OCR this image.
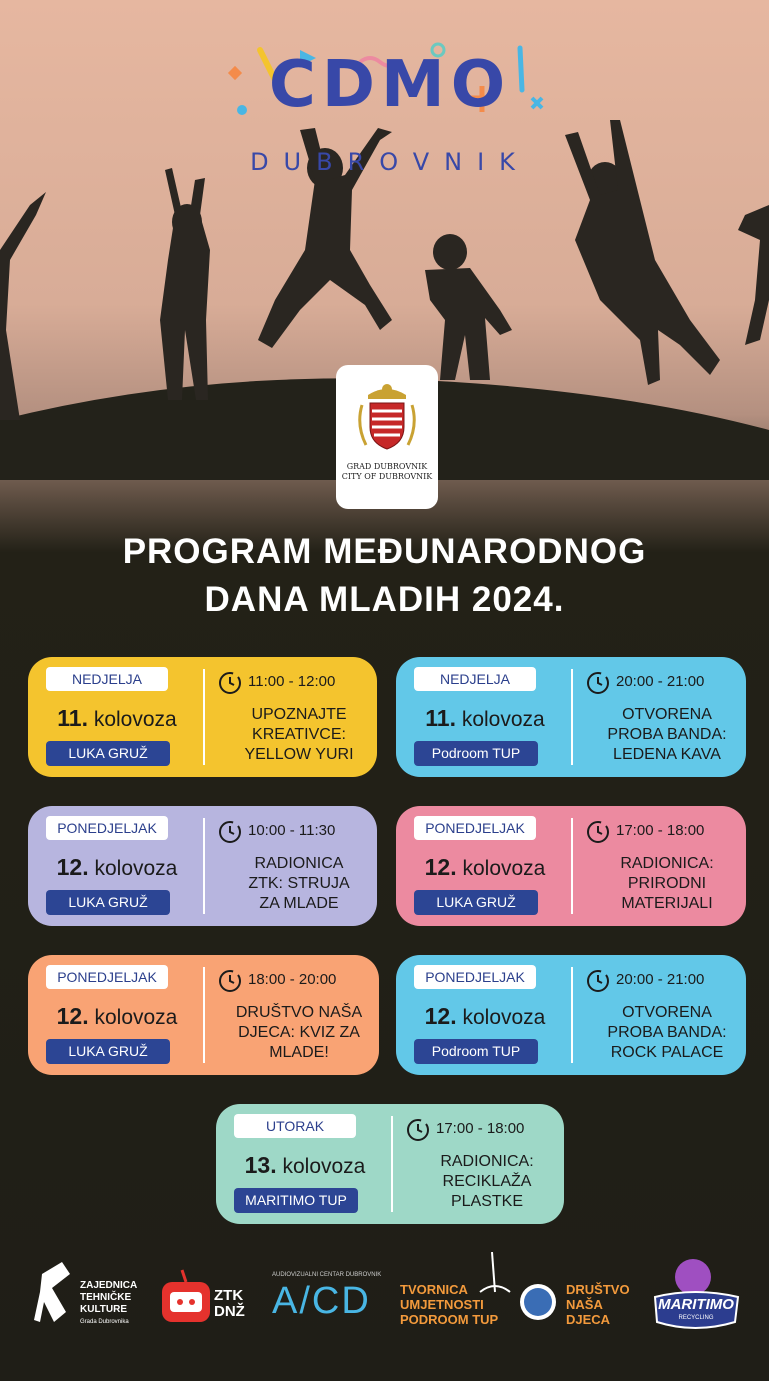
CDMO
DUBROVNIK
GRAD DUBROVNIK
CITY OF DUBROVNIK
PROGRAM MEĐUNARODNOG
DANA MLADIH 2024.
NEDJELJA
11. kolovoza
LUKA GRUŽ
11:00 - 12:00
UPOZNAJTE
KREATIVCE:
YELLOW YURI
NEDJELJA
11. kolovoza
Podroom TUP
20:00 - 21:00
OTVORENA
PROBA BANDA:
LEDENA KAVA
PONEDJELJAK
12. kolovoza
LUKA GRUŽ
10:00 - 11:30
RADIONICA
ZTK: STRUJA
ZA MLADE
PONEDJELJAK
12. kolovoza
LUKA GRUŽ
17:00 - 18:00
RADIONICA:
PRIRODNI
MATERIJALI
PONEDJELJAK
12. kolovoza
LUKA GRUŽ
18:00 - 20:00
DRUŠTVO NAŠA
DJECA: KVIZ ZA
MLADE!
PONEDJELJAK
12. kolovoza
Podroom TUP
20:00 - 21:00
OTVORENA
PROBA BANDA:
ROCK PALACE
UTORAK
13. kolovoza
MARITIMO TUP
17:00 - 18:00
RADIONICA:
RECIKLAŽA
PLASTKE
ZAJEDNICA
TEHNIČKE
KULTURE
Grada Dubrovnika
ZTK
DNŽ
AUDIOVIZUALNI CENTAR DUBROVNIK
A/CD TVORNICA
UMJETNOSTI
PODROOM TUP
DRUŠTVO
NAŠA
DJECA
MARITIMO
RECYCLING
